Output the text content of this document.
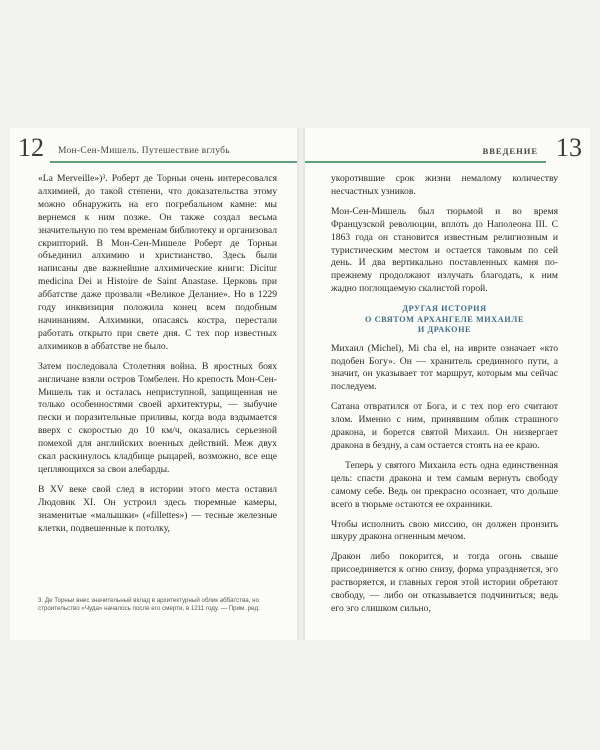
12 Мон-Сен-Мишель. Путешествие вглубь

«La Merveille»)³. Роберт де Торньи очень интересовался алхимией, до такой степени, что доказательства этому можно обнаружить на его погребальном камне: мы вернемся к ним позже. Он также создал весьма значительную по тем временам библиотеку и организовал скрипторий. В Мон-Сен-Мишеле Роберт де Торньи объединил алхимию и христианство. Здесь были написаны две важнейшие алхимические книги: Dicitur medicina Dei и Histoire de Saint Anastase. Церковь при аббатстве даже прозвали «Великое Делание». Но в 1229 году инквизиция положила конец всем подобным начинаниям. Алхимики, опасаясь костра, перестали работать открыто при свете дня. С тех пор известных алхимиков в аббатстве не было.

Затем последовала Столетняя война. В яростных боях англичане взяли остров Томбелен. Но крепость Мон-Сен-Мишель так и осталась неприступной, защищенная не только особенностями своей архитектуры, — зыбучие пески и поразительные приливы, когда вода вздымается вверх с скоростью до 10 км/ч, оказались серьезной помехой для английских военных действий. Меж двух скал раскинулось кладбище рыцарей, возможно, все еще цепляющихся за свои алебарды.

В XV веке свой след в истории этого места оставил Людовик XI. Он устроил здесь тюремные камеры, знаменитые «малышки» («fillettes») — тесные железные клетки, подвешенные к потолку,

3. Де Торньи внес значительный вклад в архитектурный облик аббатства, но строительство «Чуда» началось после его смерти, в 1211 году. — Прим. ред.
13
ВВЕДЕНИЕ

укоротившие срок жизни немалому количеству несчастных узников.

Мон-Сен-Мишель был тюрьмой и во время Французской революции, вплоть до Наполеона III. С 1863 года он становится известным религиозным и туристическим местом и остается таковым по сей день. И два вертикально поставленных камня по-прежнему продолжают излучать благодать, к ним жадно поглощаемую скалистой горой.

ДРУГАЯ ИСТОРИЯ
О СВЯТОМ АРХАНГЕЛЕ МИХАИЛЕ
И ДРАКОНЕ

Михаил (Michel), Mi cha el, на иврите означает «кто подобен Богу». Он — хранитель срединного пути, а значит, он указывает тот маршрут, которым мы сейчас последуем.

Сатана отвратился от Бога, и с тех пор его считают злом. Именно с ним, принявшим облик страшного дракона, и борется святой Михаил. Он низвергает дракона в бездну, а сам остается стоять на ее краю.

Теперь у святого Михаила есть одна единственная цель: спасти дракона и тем самым вернуть свободу самому себе. Ведь он прекрасно осознает, что дольше всего в тюрьме остаются ее охранники.

Чтобы исполнить свою миссию, он должен пронзить шкуру дракона огненным мечом.

Дракон либо покорится, и тогда огонь свыше присоединяется к огню снизу, форма упраздняется, эго растворяется, и главных героя этой истории обретают свободу, — либо он отказывается подчиниться; ведь его эго слишком сильно,
